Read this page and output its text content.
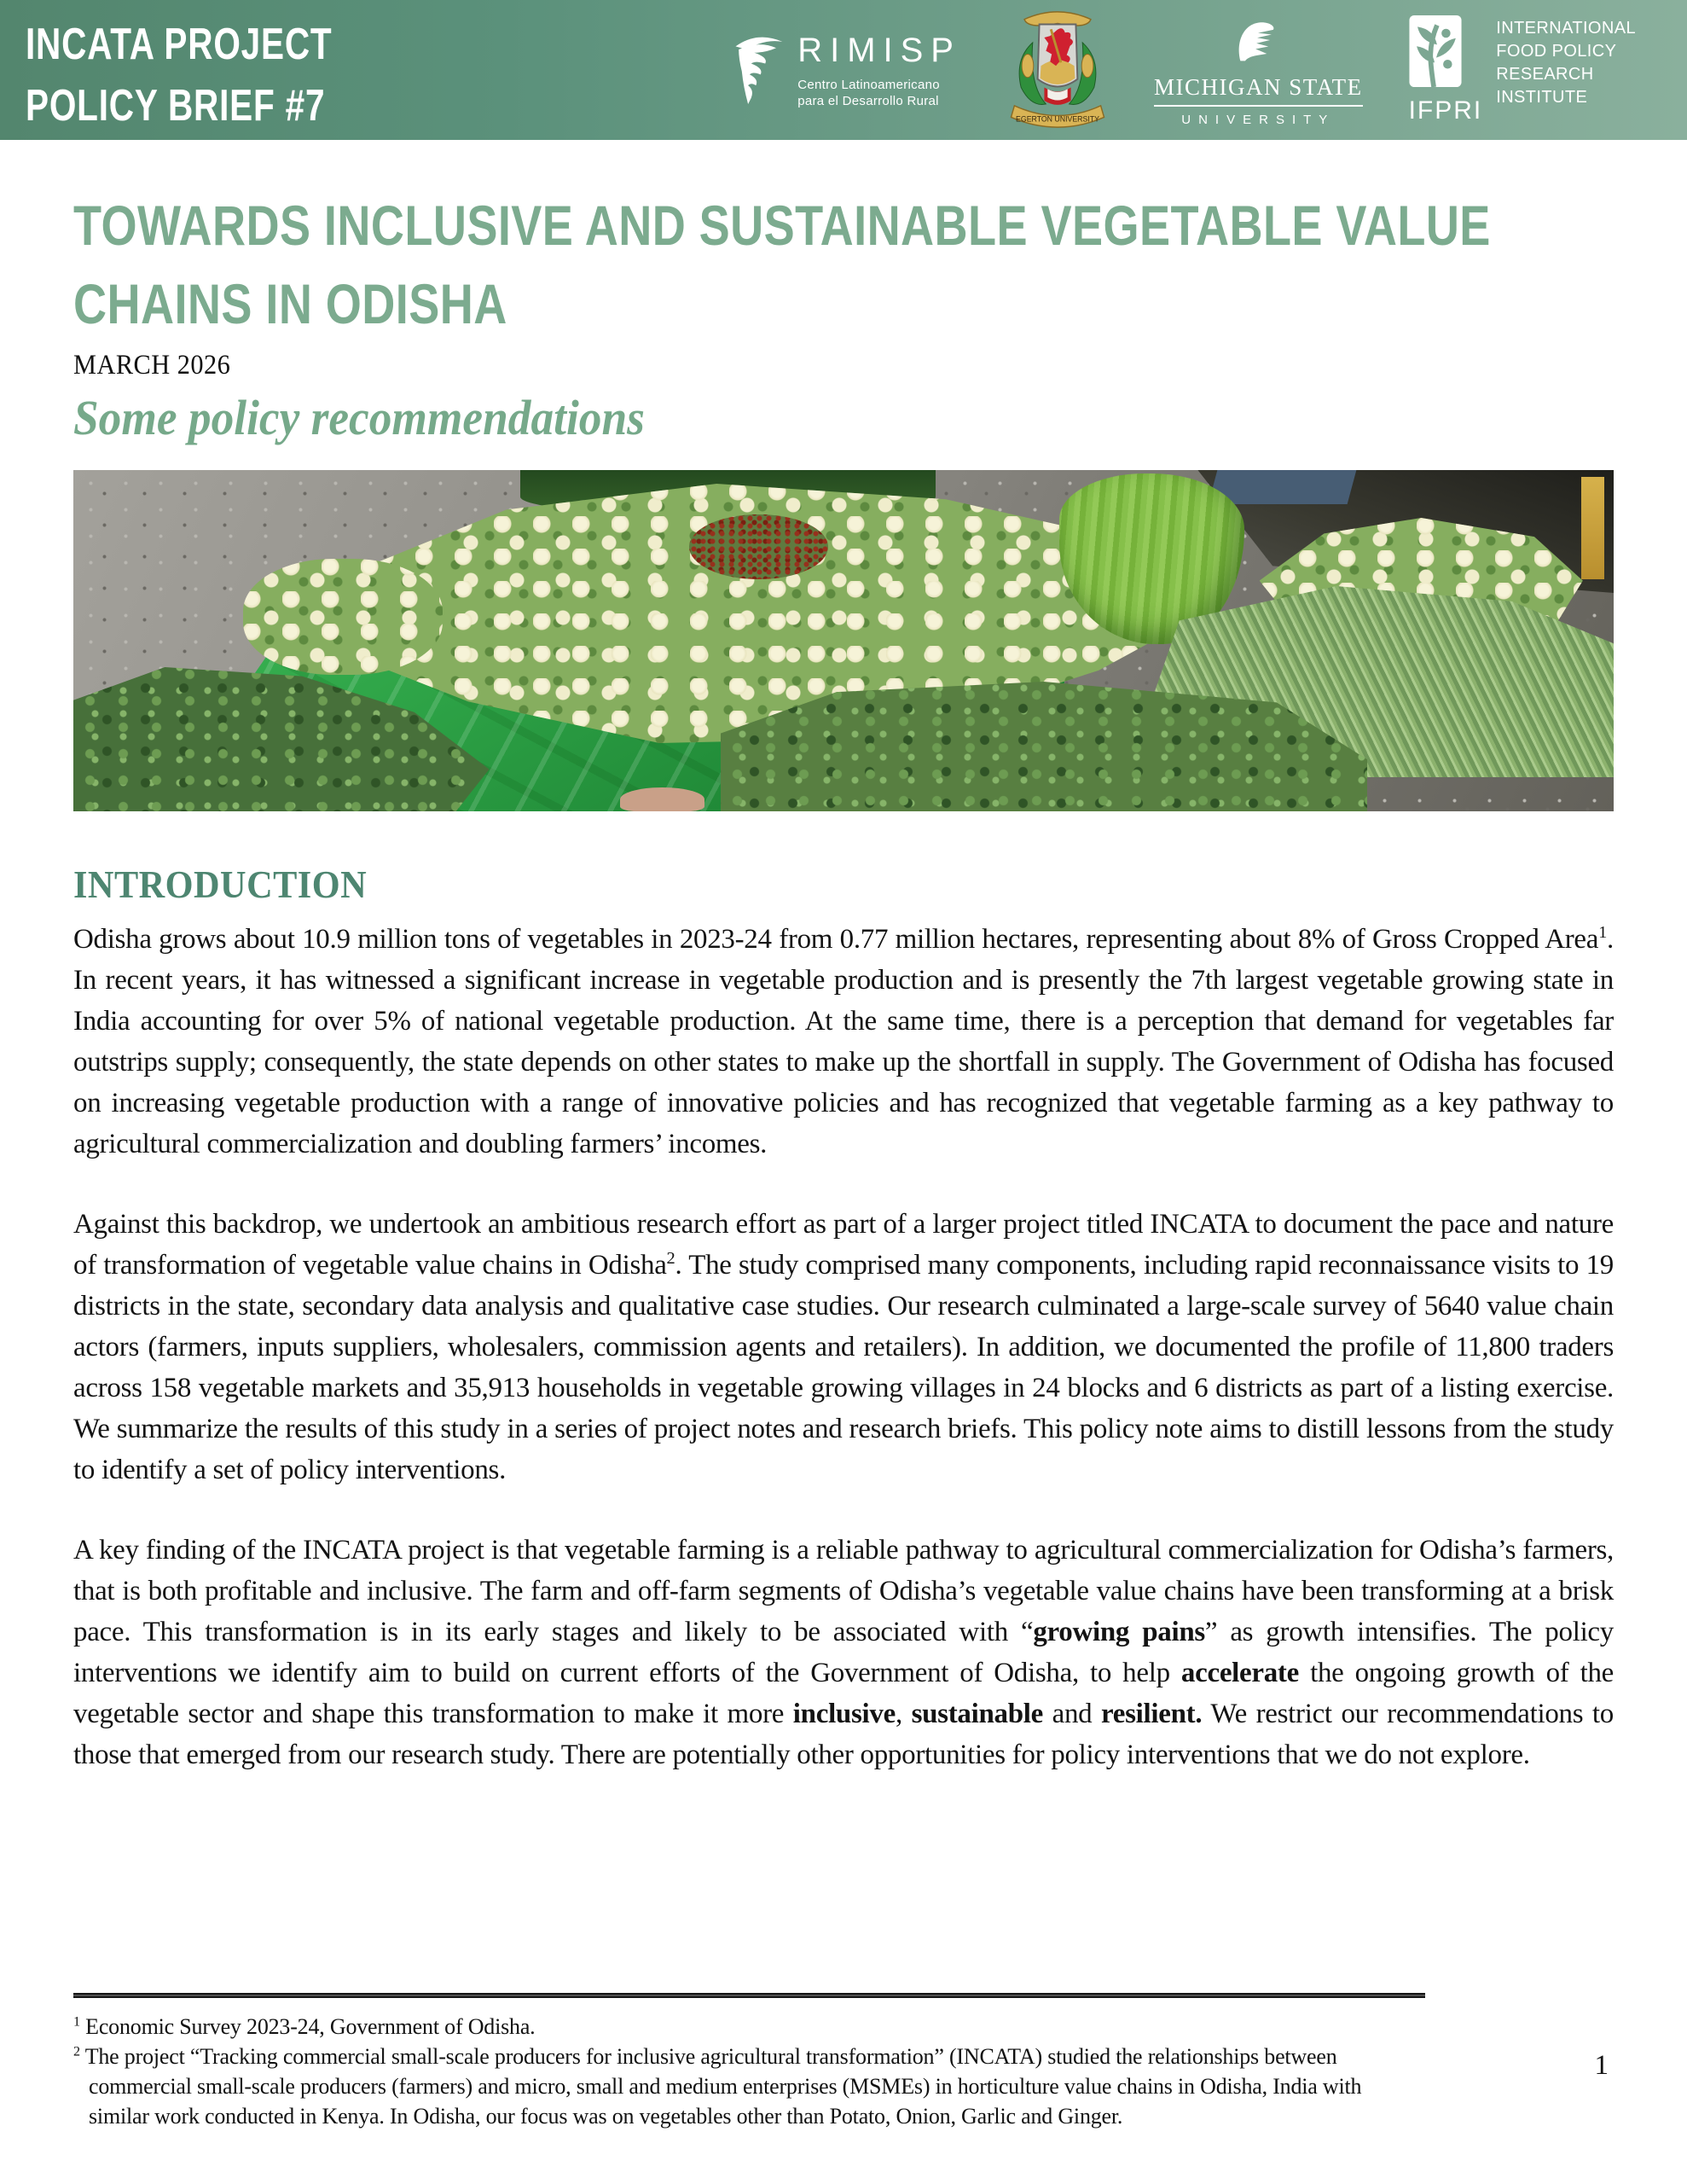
INCATA PROJECT
POLICY BRIEF #7
RIMISP
Centro Latinoamericano
para el Desarrollo Rural
EGERTON UNIVERSITY
MICHIGAN STATE
UNIVERSITY	IFPRI
INTERNATIONAL
FOOD POLICY
RESEARCH
INSTITUTE
TOWARDS INCLUSIVE AND SUSTAINABLE VEGETABLE VALUE
CHAINS IN ODISHA
MARCH 2026
Some policy recommendations
INTRODUCTION
Odisha grows about 10.9 million tons of vegetables in 2023-24 from 0.77 million hectares, representing about 8% of Gross Cropped Area$^1$. In recent years, it has witnessed a significant increase in vegetable production and is presently the 7th largest vegetable growing state in India accounting for over 5% of national vegetable production. At the same time, there is a perception that demand for vegetables far outstrips supply; consequently, the state depends on other states to make up the shortfall in supply. The Government of Odisha has focused on increasing vegetable production with a range of innovative policies and has recognized that vegetable farming as a key pathway to agricultural commercialization and doubling farmers’ incomes.
Against this backdrop, we undertook an ambitious research effort as part of a larger project titled INCATA to document the pace and nature of transformation of vegetable value chains in Odisha$^2$. The study comprised many components, including rapid reconnaissance visits to 19 districts in the state, secondary data analysis and qualitative case studies. Our research culminated a large-scale survey of 5640 value chain actors (farmers, inputs suppliers, wholesalers, commission agents and retailers). In addition, we documented the profile of 11,800 traders across 158 vegetable markets and 35,913 households in vegetable growing villages in 24 blocks and 6 districts as part of a listing exercise. We summarize the results of this study in a series of project notes and research briefs. This policy note aims to distill lessons from the study to identify a set of policy interventions.
A key finding of the INCATA project is that vegetable farming is a reliable pathway to agricultural commercialization for Odisha’s farmers, that is both profitable and inclusive. The farm and off-farm segments of Odisha’s vegetable value chains have been transforming at a brisk pace. This transformation is in its early stages and likely to be associated with “growing pains” as growth intensifies. The policy interventions we identify aim to build on current efforts of the Government of Odisha, to help accelerate the ongoing growth of the vegetable sector and shape this transformation to make it more inclusive, sustainable and resilient. We restrict our recommendations to those that emerged from our research study. There are potentially other opportunities for policy interventions that we do not explore.
$^1$ Economic Survey 2023-24, Government of Odisha.
$^2$ The project “Tracking commercial small-scale producers for inclusive agricultural transformation” (INCATA) studied the relationships between commercial small-scale producers (farmers) and micro, small and medium enterprises (MSMEs) in horticulture value chains in Odisha, India with similar work conducted in Kenya. In Odisha, our focus was on vegetables other than Potato, Onion, Garlic and Ginger.
1
